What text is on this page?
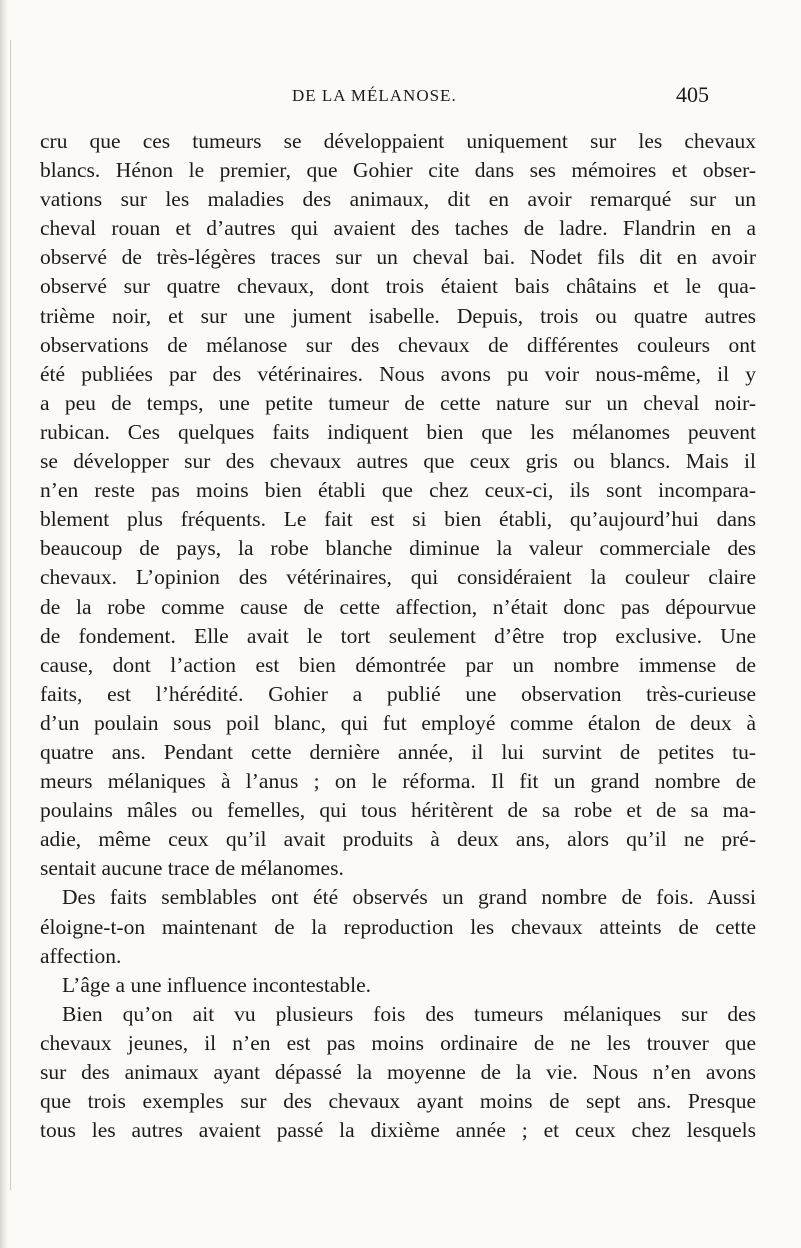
DE LA MÉLANOSE.	405
cru que ces tumeurs se développaient uniquement sur les chevaux
blancs. Hénon le premier, que Gohier cite dans ses mémoires et obser-
vations sur les maladies des animaux, dit en avoir remarqué sur un
cheval rouan et d’autres qui avaient des taches de ladre. Flandrin en a
observé de très-légères traces sur un cheval bai. Nodet fils dit en avoir
observé sur quatre chevaux, dont trois étaient bais châtains et le qua-
trième noir, et sur une jument isabelle. Depuis, trois ou quatre autres
observations de mélanose sur des chevaux de différentes couleurs ont
été publiées par des vétérinaires. Nous avons pu voir nous-même, il y
a peu de temps, une petite tumeur de cette nature sur un cheval noir-
rubican. Ces quelques faits indiquent bien que les mélanomes peuvent
se développer sur des chevaux autres que ceux gris ou blancs. Mais il
n’en reste pas moins bien établi que chez ceux-ci, ils sont incompara-
blement plus fréquents. Le fait est si bien établi, qu’aujourd’hui dans
beaucoup de pays, la robe blanche diminue la valeur commerciale des
chevaux. L’opinion des vétérinaires, qui considéraient la couleur claire
de la robe comme cause de cette affection, n’était donc pas dépourvue
de fondement. Elle avait le tort seulement d’être trop exclusive. Une
cause, dont l’action est bien démontrée par un nombre immense de
faits, est l’hérédité. Gohier a publié une observation très-curieuse
d’un poulain sous poil blanc, qui fut employé comme étalon de deux à
quatre ans. Pendant cette dernière année, il lui survint de petites tu-
meurs mélaniques à l’anus ; on le réforma. Il fit un grand nombre de
poulains mâles ou femelles, qui tous héritèrent de sa robe et de sa ma-
adie, même ceux qu’il avait produits à deux ans, alors qu’il ne pré-
sentait aucune trace de mélanomes.
Des faits semblables ont été observés un grand nombre de fois. Aussi
éloigne-t-on maintenant de la reproduction les chevaux atteints de cette
affection.
L’âge a une influence incontestable.
Bien qu’on ait vu plusieurs fois des tumeurs mélaniques sur des
chevaux jeunes, il n’en est pas moins ordinaire de ne les trouver que
sur des animaux ayant dépassé la moyenne de la vie. Nous n’en avons
que trois exemples sur des chevaux ayant moins de sept ans. Presque
tous les autres avaient passé la dixième année ; et ceux chez lesquels
